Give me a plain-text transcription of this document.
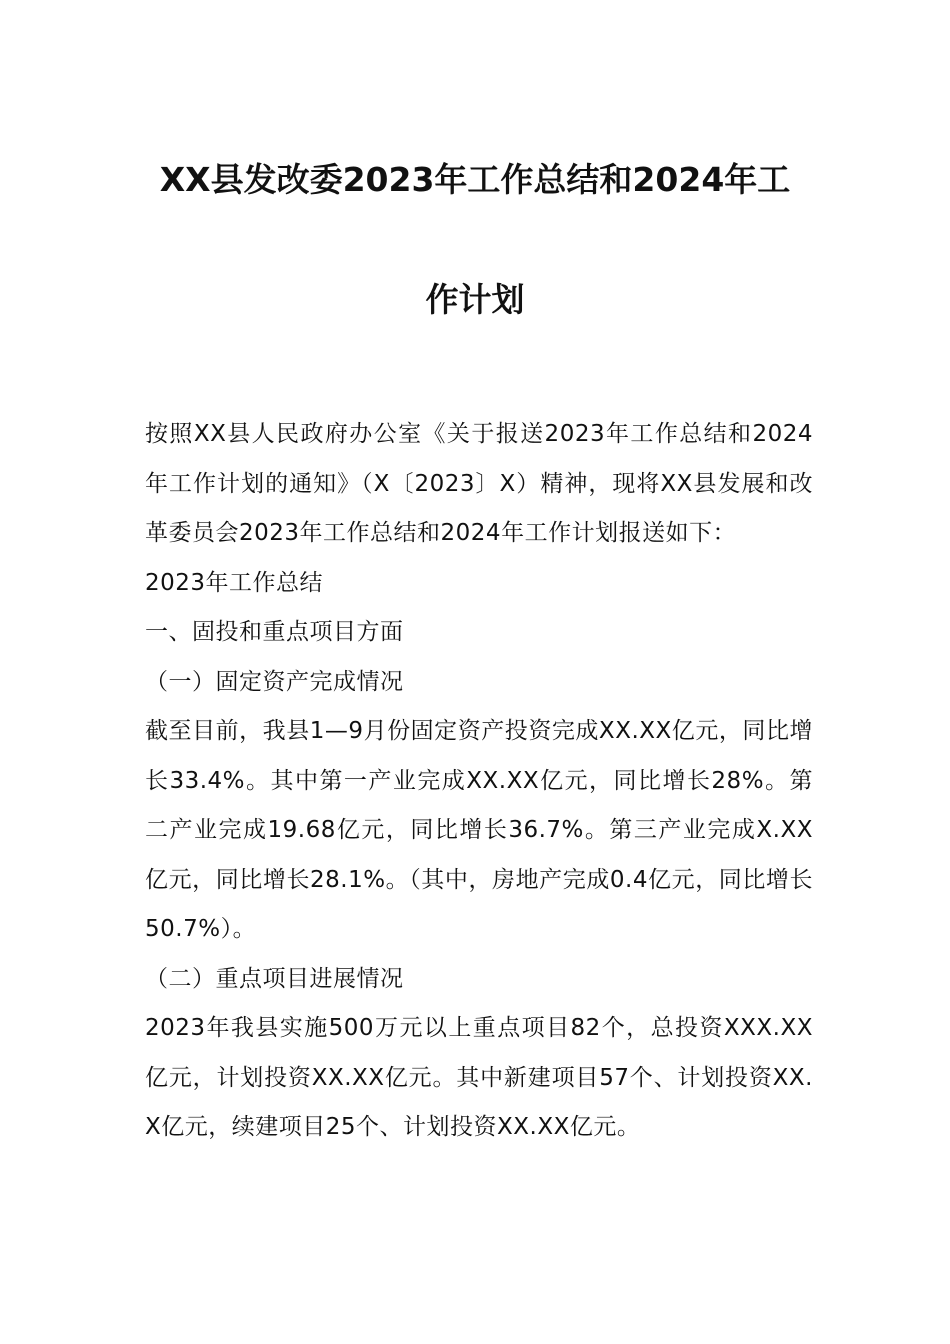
XX县发改委2023年工作总结和2024年工
作计划

按照XX县人民政府办公室《关于报送2023年工作总结和2024年工作计划的通知》（X〔2023〕X）精神，现将XX县发展和改革委员会2023年工作总结和2024年工作计划报送如下：

2023年工作总结

一、固投和重点项目方面

（一）固定资产完成情况

截至目前，我县1—9月份固定资产投资完成XX.XX亿元，同比增长33.4%。其中第一产业完成XX.XX亿元，同比增长28%。第二产业完成19.68亿元，同比增长36.7%。第三产业完成X.XX亿元，同比增长28.1%。（其中，房地产完成0.4亿元，同比增长50.7%）。

（二）重点项目进展情况

2023年我县实施500万元以上重点项目82个，总投资XXX.XX亿元，计划投资XX.XX亿元。其中新建项目57个、计划投资XX.X亿元，续建项目25个、计划投资XX.XX亿元。
